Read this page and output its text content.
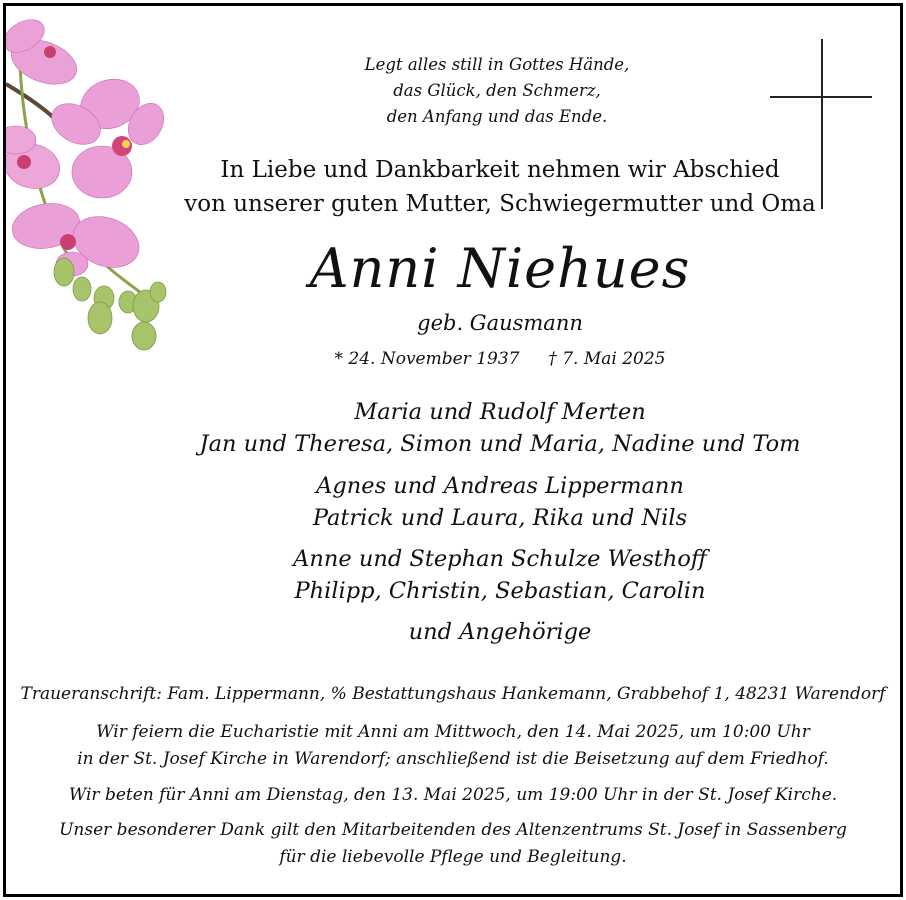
Legt alles still in Gottes Hände,
das Glück, den Schmerz,
den Anfang und das Ende.
In Liebe und Dankbarkeit nehmen wir Abschied
von unserer guten Mutter, Schwiegermutter und Oma
Anni Niehues
geb. Gausmann
* 24. November 1937 † 7. Mai 2025
Maria und Rudolf Merten
Jan und Theresa, Simon und Maria, Nadine und Tom
Agnes und Andreas Lippermann
Patrick und Laura, Rika und Nils
Anne und Stephan Schulze Westhoff
Philipp, Christin, Sebastian, Carolin
und Angehörige
Traueranschrift: Fam. Lippermann, % Bestattungshaus Hankemann, Grabbehof 1, 48231 Warendorf
Wir feiern die Eucharistie mit Anni am Mittwoch, den 14. Mai 2025, um 10:00 Uhr
in der St. Josef Kirche in Warendorf; anschließend ist die Beisetzung auf dem Friedhof.
Wir beten für Anni am Dienstag, den 13. Mai 2025, um 19:00 Uhr in der St. Josef Kirche.
Unser besonderer Dank gilt den Mitarbeitenden des Altenzentrums St. Josef in Sassenberg
für die liebevolle Pflege und Begleitung.
